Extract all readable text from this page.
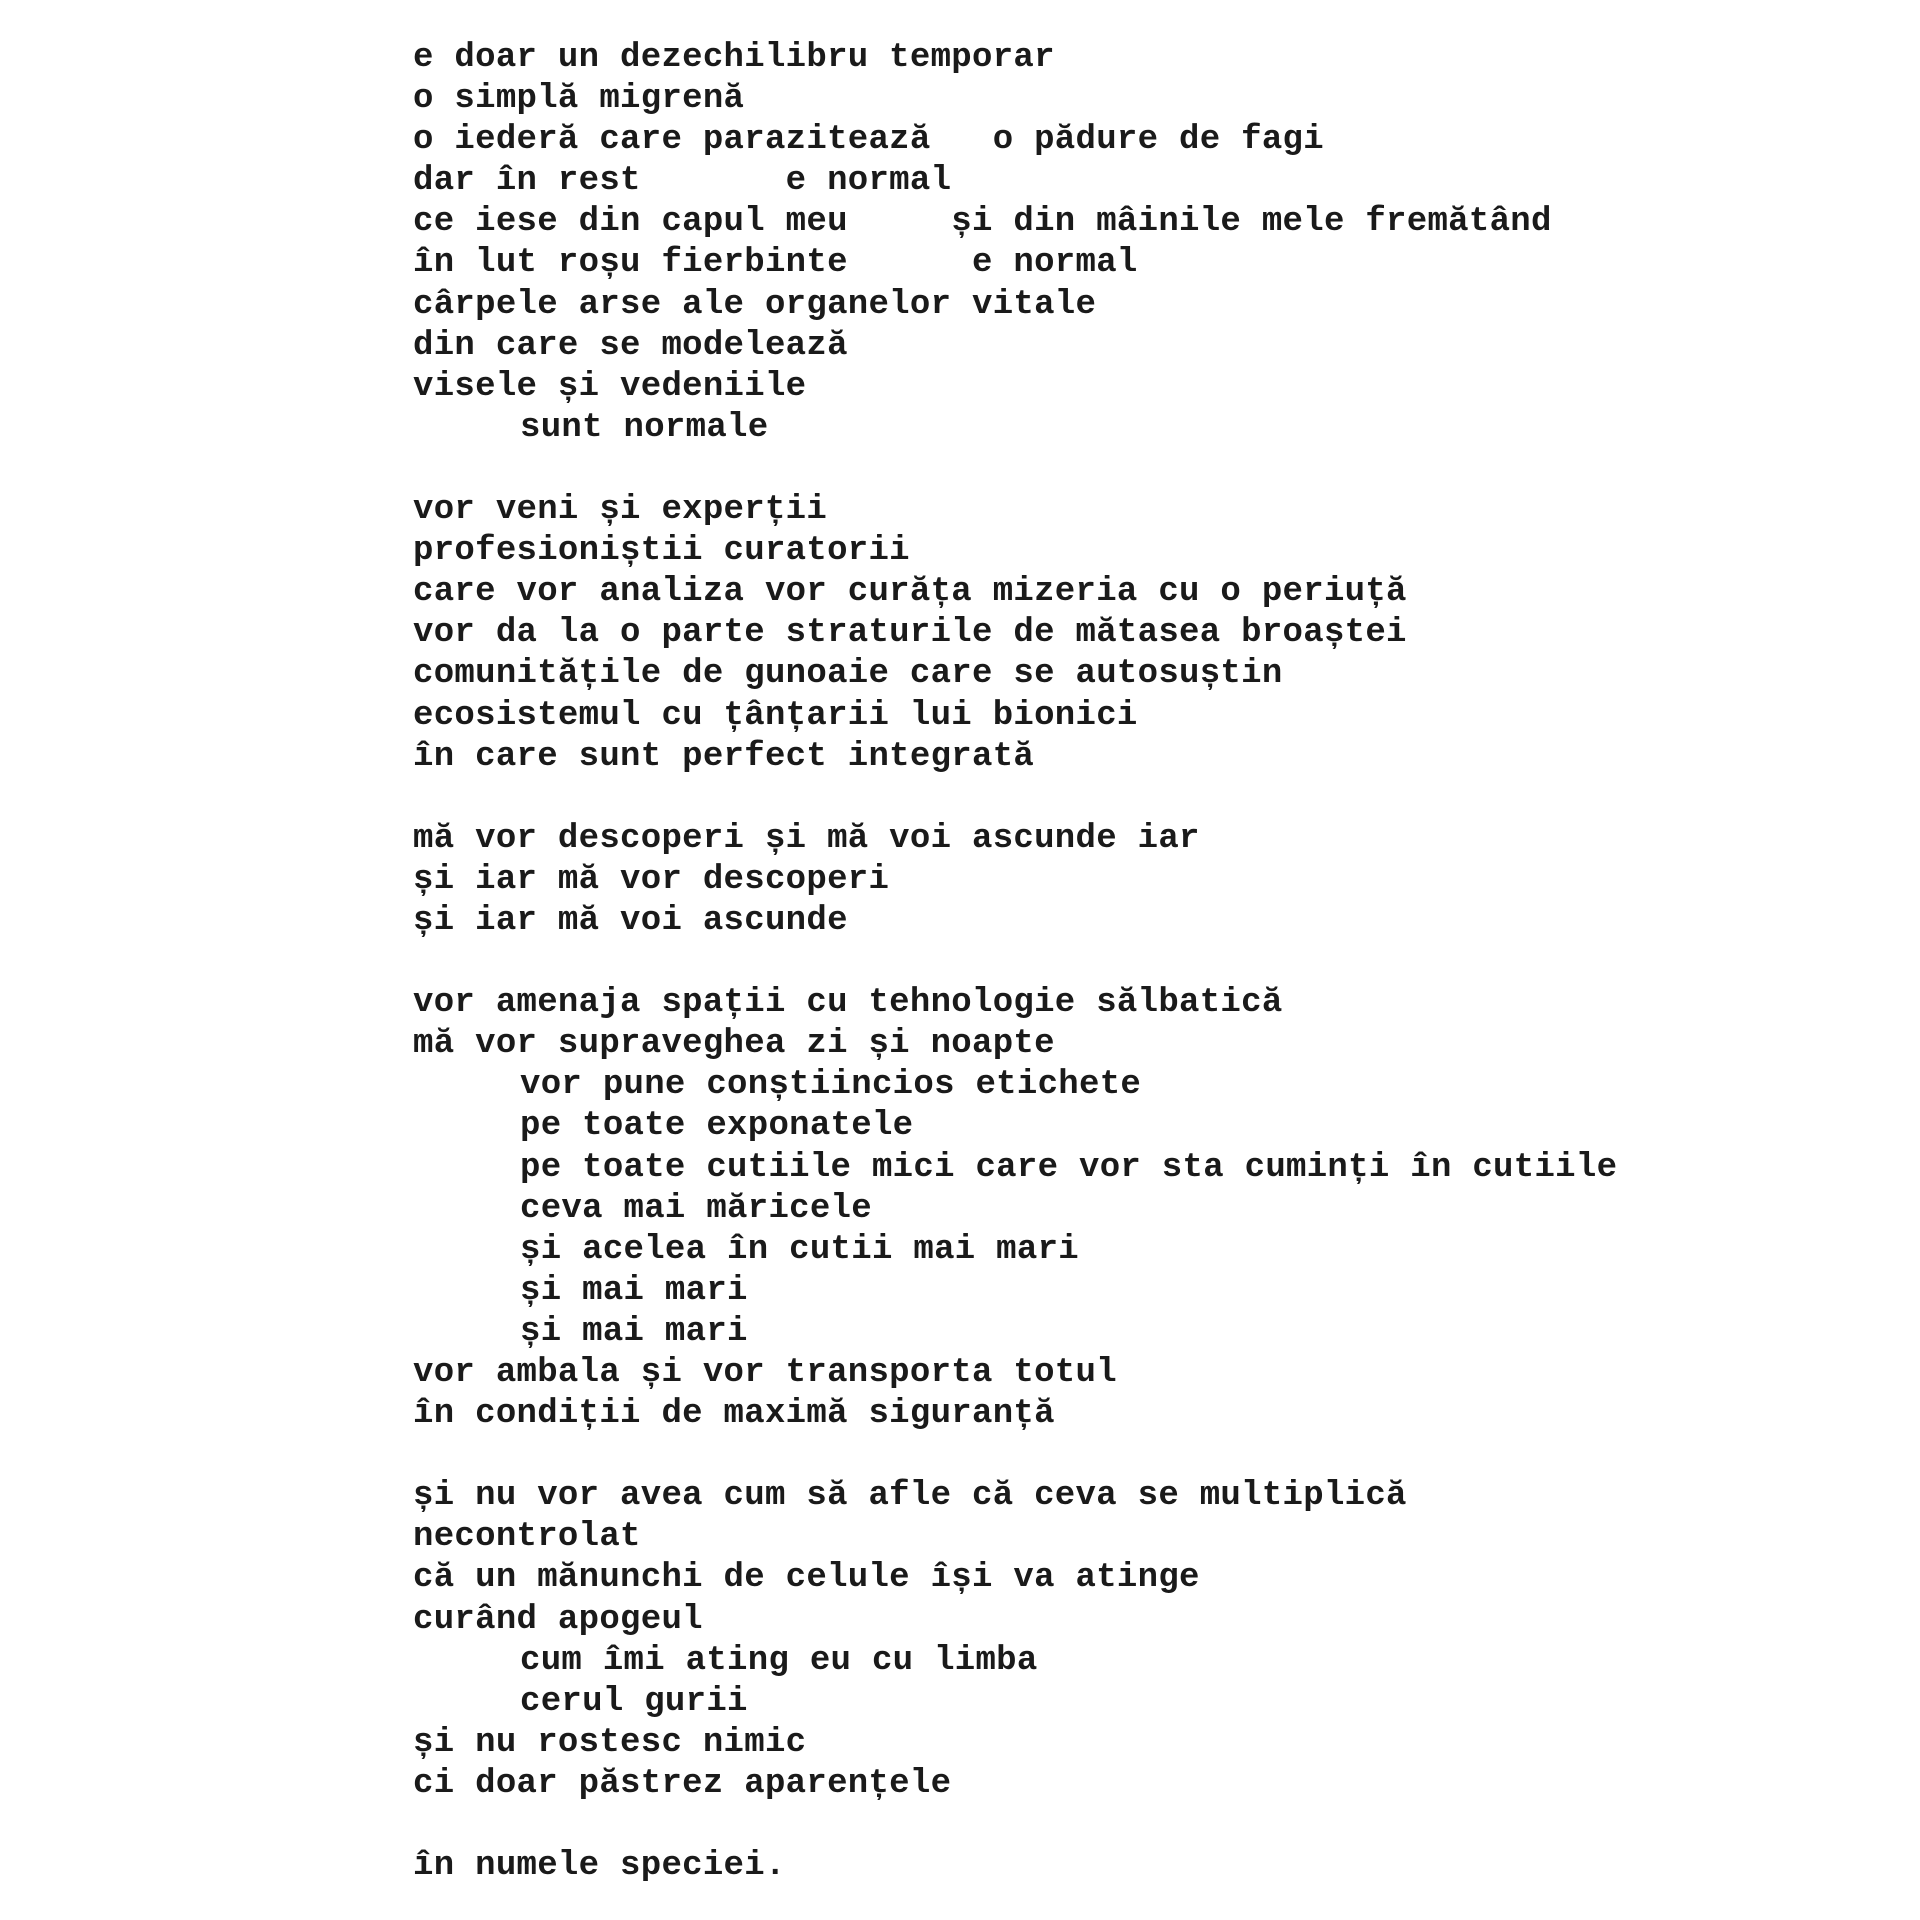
e doar un dezechilibru temporar
o simplă migrenă
o iederă care parazitează   o pădure de fagi
dar în rest       e normal
ce iese din capul meu     și din mâinile mele fremătând
în lut roșu fierbinte      e normal
cârpele arse ale organelor vitale
din care se modelează
visele și vedeniile
sunt normale
vor veni și experții
profesioniștii curatorii
care vor analiza vor curăța mizeria cu o periuță
vor da la o parte straturile de mătasea broaștei
comunitățile de gunoaie care se autosuștin
ecosistemul cu țânțarii lui bionici
în care sunt perfect integrată
mă vor descoperi și mă voi ascunde iar
și iar mă vor descoperi
și iar mă voi ascunde
vor amenaja spații cu tehnologie sălbatică
mă vor supraveghea zi și noapte
vor pune conștiincios etichete
pe toate exponatele
pe toate cutiile mici care vor sta cuminți în cutiile
ceva mai măricele
și acelea în cutii mai mari
și mai mari
și mai mari
vor ambala și vor transporta totul
în condiții de maximă siguranță
și nu vor avea cum să afle că ceva se multiplică
necontrolat
că un mănunchi de celule își va atinge
curând apogeul
cum îmi ating eu cu limba
cerul gurii
și nu rostesc nimic
ci doar păstrez aparențele
în numele speciei.
